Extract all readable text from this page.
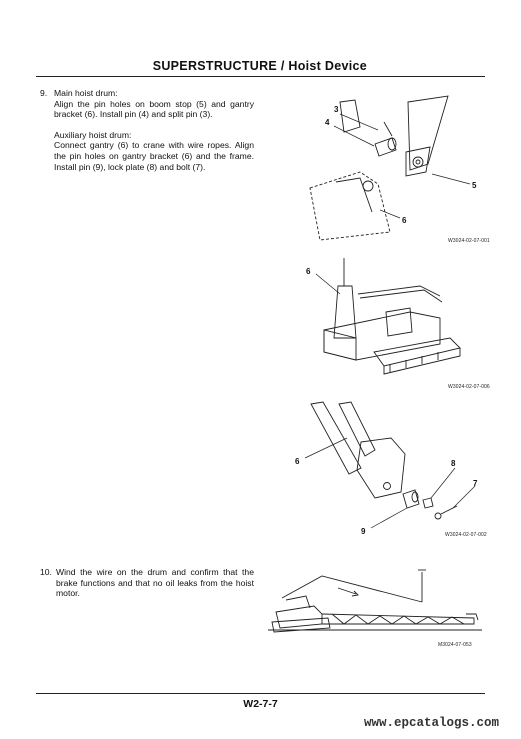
SUPERSTRUCTURE / Hoist Device
9. Main hoist drum:

Align the pin holes on boom stop (5) and gantry bracket (6). Install pin (4) and split pin (3).

Auxiliary hoist drum:

Connect gantry (6) to crane with wire ropes. Align the pin holes on gantry bracket (6) and the frame. Install pin (9), lock plate (8) and bolt (7).

10. Wind the wire on the drum and confirm that the brake functions and that no oil leaks from the hoist motor.

3
4
5
6
W3024-02-07-001
6
W3024-02-07-006
6	8
7
9	W3024-02-07-002
M3024-07-053
W2-7-7
www.epcatalogs.com
